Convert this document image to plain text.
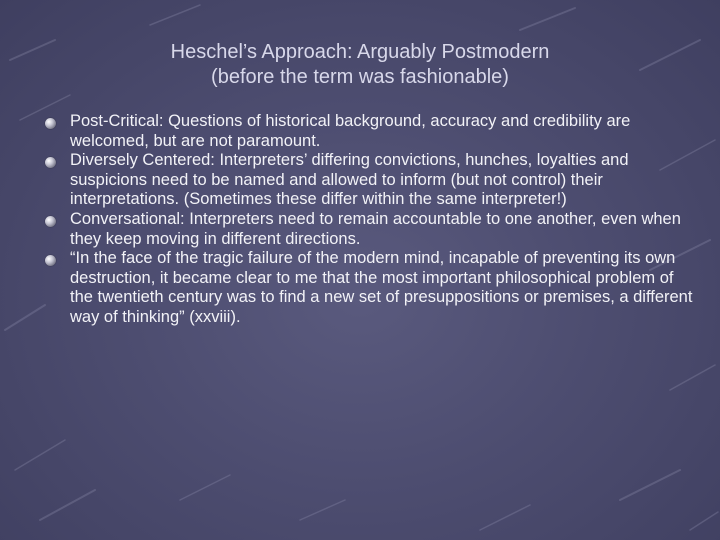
Heschel’s Approach: Arguably Postmodern
(before the term was fashionable)
Post-Critical: Questions of historical background, accuracy and credibility are welcomed, but are not paramount.
Diversely Centered: Interpreters’ differing convictions, hunches, loyalties and suspicions need to be named and allowed to inform (but not control) their interpretations. (Sometimes these differ within the same interpreter!)
Conversational: Interpreters need to remain accountable to one another, even when they keep moving in different directions.
“In the face of the tragic failure of the modern mind, incapable of preventing its own destruction, it became clear to me that the most important philosophical problem of the twentieth century was to find a new set of presuppositions or premises, a different way of thinking” (xxviii).
